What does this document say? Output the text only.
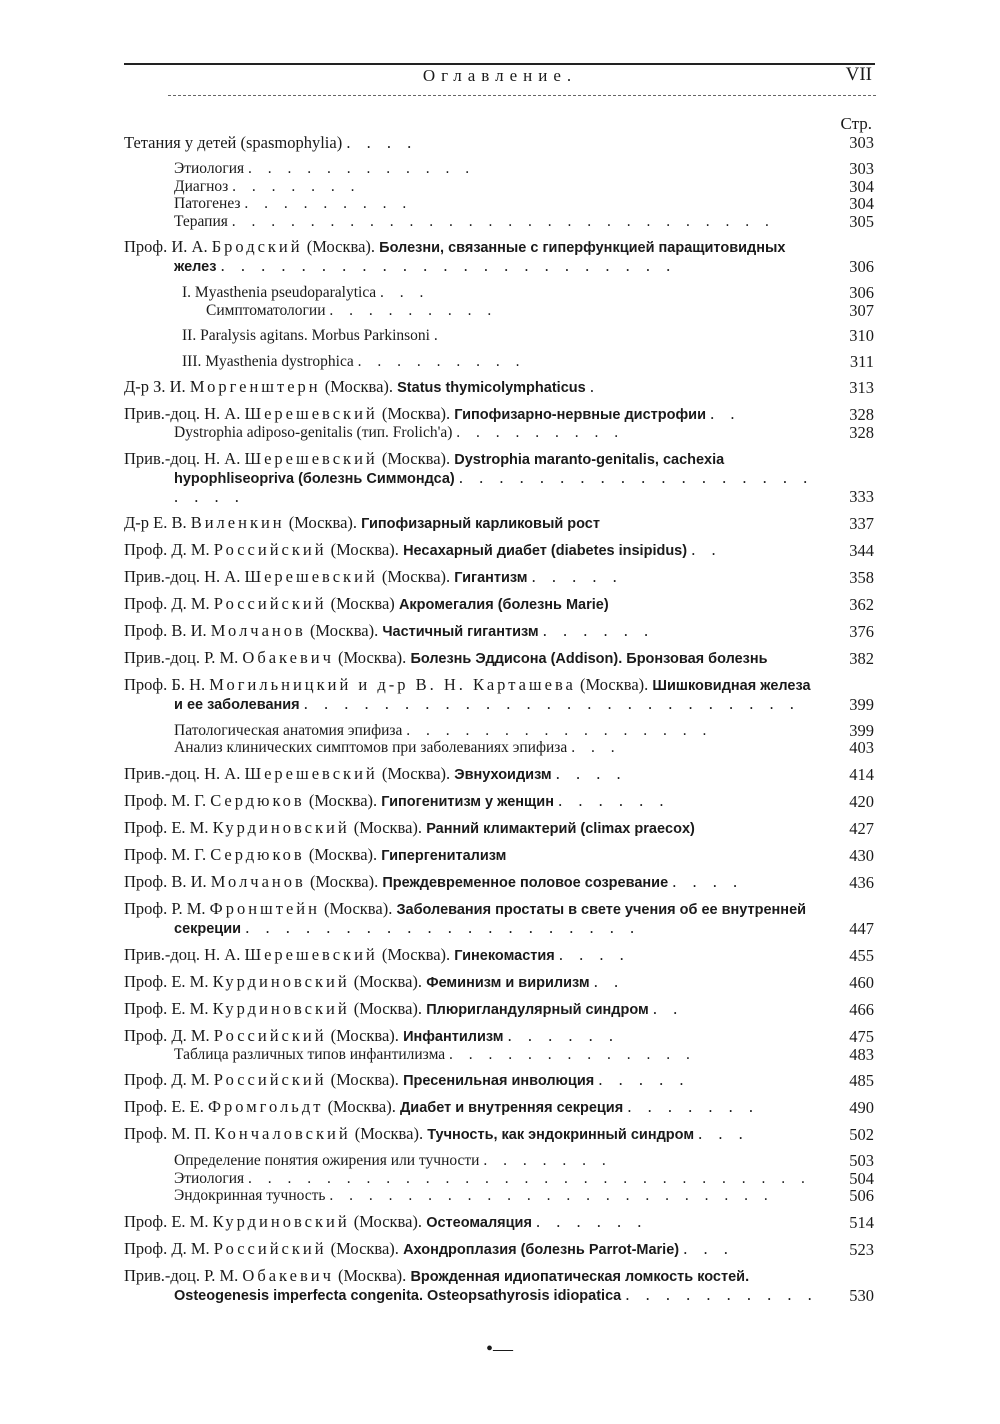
Оглавление.	VII
Стр.
Тетания у детей (spasmophylia) . . . .	303
Этиология . . . . . . . . . . . .	303
Диагноз . . . . . . .	304
Патогенез . . . . . . . . .	304
Терапия . . . . . . . . . . . . . . . . . . . . . . . . . . . .	305
Проф. И. А. Бродский (Москва). Болезни, связанные с гиперфункцией паращитовидных желез . . . . . . . . . . . . . . . . . . . . . . .	306
I. Myasthenia pseudoparalytica . . .	306
Симптоматологии . . . . . . . . .	307
II. Paralysis agitans. Morbus Parkinsoni .	310
III. Myasthenia dystrophica . . . . . . . . .	311
Д-р З. И. Моргенштерн (Москва). Status thymicolymphaticus .	313
Прив.-доц. Н. А. Шерешевский (Москва). Гипофизарно-нервные дистрофии . .	328
Dystrophia adiposo-genitalis (тип. Frolich'a) . . . . . . . . .	328
Прив.-доц. Н. А. Шерешевский (Москва). Dystrophia maranto-genitalis, cachexia hypophliseopriva (болезнь Симмондса) . . . . . . . . . . . . . . . . . . . . . .	333
Д-р Е. В. Виленкин (Москва). Гипофизарный карликовый рост	337
Проф. Д. М. Российский (Москва). Несахарный диабет (diabetes insipidus) . .	344
Прив.-доц. Н. А. Шерешевский (Москва). Гигантизм . . . . .	358
Проф. Д. М. Российский (Москва) Акромегалия (болезнь Marie)	362
Проф. В. И. Молчанов (Москва). Частичный гигантизм . . . . . .	376
Прив.-доц. Р. М. Обакевич (Москва). Болезнь Эддисона (Addison). Бронзовая болезнь	382
Проф. Б. Н. Могильницкий и д-р В. Н. Карташева (Москва). Шишковидная железа и ее заболевания . . . . . . . . . . . . . . . . . . . . . . . . .	399
Патологическая анатомия эпифиза . . . . . . . . . . . . . . . .	399
Анализ клинических симптомов при заболеваниях эпифиза . . .	403
Прив.-доц. Н. А. Шерешевский (Москва). Эвнухоидизм . . . .	414
Проф. М. Г. Сердюков (Москва). Гипогенитизм у женщин . . . . . .	420
Проф. Е. М. Курдиновский (Москва). Ранний климактерий (climax praecox)	427
Проф. М. Г. Сердюков (Москва). Гипергенитализм	430
Проф. В. И. Молчанов (Москва). Преждевременное половое созревание . . . .	436
Проф. Р. М. Фронштейн (Москва). Заболевания простаты в свете учения об ее внутренней секреции . . . . . . . . . . . . . . . . . . . .	447
Прив.-доц. Н. А. Шерешевский (Москва). Гинекомастия . . . .	455
Проф. Е. М. Курдиновский (Москва). Феминизм и вирилизм . .	460
Проф. Е. М. Курдиновский (Москва). Плюригландулярный синдром . .	466
Проф. Д. М. Российский (Москва). Инфантилизм . . . . . .	475
Таблица различных типов инфантилизма . . . . . . . . . . . . .	483
Проф. Д. М. Российский (Москва). Пресенильная инволюция . . . . .	485
Проф. Е. Е. Фромгольдт (Москва). Диабет и внутренняя секреция . . . . . . .	490
Проф. М. П. Кончаловский (Москва). Тучность, как эндокринный синдром . . .	502
Определение понятия ожирения или тучности . . . . . . .	503
Этиология . . . . . . . . . . . . . . . . . . . . . . . . . . . . .	504
Эндокринная тучность . . . . . . . . . . . . . . . . . . . . . . .	506
Проф. Е. М. Курдиновский (Москва). Остеомаляция . . . . . .	514
Проф. Д. М. Российский (Москва). Ахондроплазия (болезнь Parrot-Marie) . . .	523
Прив.-доц. Р. М. Обакевич (Москва). Врожденная идиопатическая ломкость костей. Osteogenesis imperfecta congenita. Osteopsathyrosis idiopatica . . . . . . . . . .	530
•—
